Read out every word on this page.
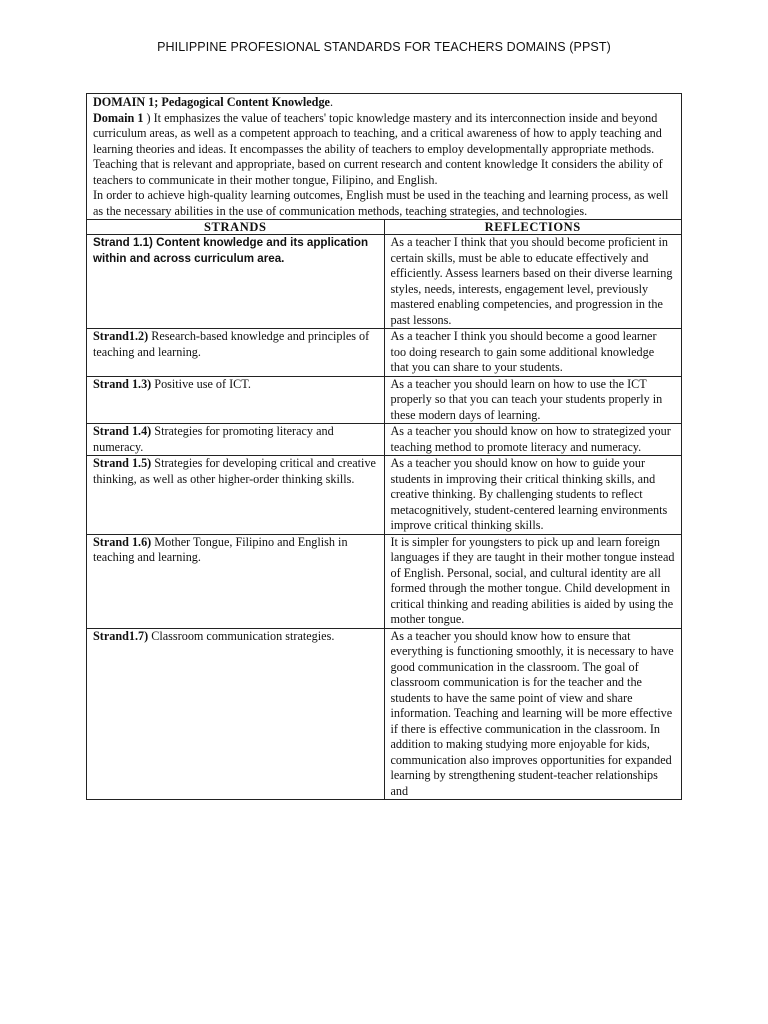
PHILIPPINE PROFESIONAL STANDARDS FOR TEACHERS DOMAINS (PPST)

DOMAIN 1; Pedagogical Content Knowledge.

Domain 1 ) It emphasizes the value of teachers' topic knowledge mastery and its interconnection inside and beyond curriculum areas, as well as a competent approach to teaching, and a critical awareness of how to apply teaching and learning theories and ideas. It encompasses the ability of teachers to employ developmentally appropriate methods.

Teaching that is relevant and appropriate, based on current research and content knowledge It considers the ability of teachers to communicate in their mother tongue, Filipino, and English.

In order to achieve high-quality learning outcomes, English must be used in the teaching and learning process, as well as the necessary abilities in the use of communication methods, teaching strategies, and technologies.	

STRANDS	REFLECTIONS
Strand 1.1) Content knowledge and its application within and across curriculum area.	As a teacher I think that you should become proficient in certain skills, must be able to educate effectively and efficiently. Assess learners based on their diverse learning styles, needs, interests, engagement level, previously mastered enabling competencies, and progression in the past lessons.
Strand1.2) Research-based knowledge and principles of teaching and learning.	As a teacher I think you should become a good learner too doing research to gain some additional knowledge that you can share to your students.
Strand 1.3) Positive use of ICT.	As a teacher you should learn on how to use the ICT properly so that you can teach your students properly in these modern days of learning.
Strand 1.4) Strategies for promoting literacy and numeracy.	As a teacher you should know on how to strategized your teaching method to promote literacy and numeracy.
Strand 1.5) Strategies for developing critical and creative thinking, as well as other higher-order thinking skills.	As a teacher you should know on how to guide your students in improving their critical thinking skills, and creative thinking. By challenging students to reflect metacognitively, student-centered learning environments improve critical thinking skills.
Strand 1.6) Mother Tongue, Filipino and English in teaching and learning.	It is simpler for youngsters to pick up and learn foreign languages if they are taught in their mother tongue instead of English. Personal, social, and cultural identity are all formed through the mother tongue. Child development in critical thinking and reading abilities is aided by using the mother tongue.
Strand1.7) Classroom communication strategies.	As a teacher you should know how to ensure that everything is functioning smoothly, it is necessary to have good communication in the classroom. The goal of classroom communication is for the teacher and the students to have the same point of view and share information. Teaching and learning will be more effective if there is effective communication in the classroom. In addition to making studying more enjoyable for kids, communication also improves opportunities for expanded learning by strengthening student-teacher relationships and
